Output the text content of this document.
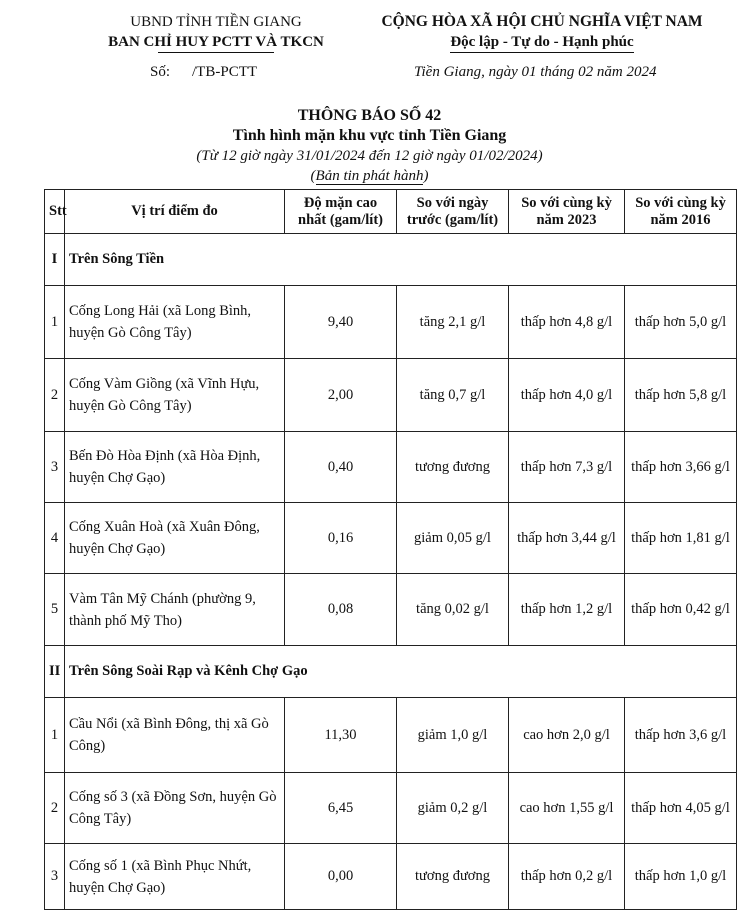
UBND TỈNH TIỀN GIANG
BAN CHỈ HUY PCTT VÀ TKCN
CỘNG HÒA XÃ HỘI CHỦ NGHĨA VIỆT NAM
Độc lập - Tự do - Hạnh phúc
Số: /TB-PCTT	Tiền Giang, ngày 01 tháng 02 năm 2024
THÔNG BÁO SỐ 42
Tình hình mặn khu vực tỉnh Tiền Giang
(Từ 12 giờ ngày 31/01/2024 đến 12 giờ ngày 01/02/2024)
(Bản tin phát hành)
Stt	Vị trí điểm đo	Độ mặn cao nhất (gam/lít)	So với ngày trước (gam/lít)	So với cùng kỳ năm 2023	So với cùng kỳ năm 2016
I	Trên Sông Tiền				
1	Cống Long Hải (xã Long Bình, huyện Gò Công Tây)	9,40	tăng 2,1 g/l	thấp hơn 4,8 g/l	thấp hơn 5,0 g/l
2	Cống Vàm Giồng (xã Vĩnh Hựu, huyện Gò Công Tây)	2,00	tăng 0,7 g/l	thấp hơn 4,0 g/l	thấp hơn 5,8 g/l
3	Bến Đò Hòa Định (xã Hòa Định, huyện Chợ Gạo)	0,40	tương đương	thấp hơn 7,3 g/l	thấp hơn 3,66 g/l
4	Cống Xuân Hoà (xã Xuân Đông, huyện Chợ Gạo)	0,16	giảm 0,05 g/l	thấp hơn 3,44 g/l	thấp hơn 1,81 g/l
5	Vàm Tân Mỹ Chánh (phường 9, thành phố Mỹ Tho)	0,08	tăng 0,02 g/l	thấp hơn 1,2 g/l	thấp hơn 0,42 g/l
II	Trên Sông Soài Rạp và Kênh Chợ Gạo				
1	Cầu Nổi (xã Bình Đông, thị xã Gò Công)	11,30	giảm 1,0 g/l	cao hơn 2,0 g/l	thấp hơn 3,6 g/l
2	Cống số 3 (xã Đồng Sơn, huyện Gò Công Tây)	6,45	giảm 0,2 g/l	cao hơn 1,55 g/l	thấp hơn 4,05 g/l
3	Cống số 1 (xã Bình Phục Nhứt, huyện Chợ Gạo)	0,00	tương đương	thấp hơn 0,2 g/l	thấp hơn 1,0 g/l
